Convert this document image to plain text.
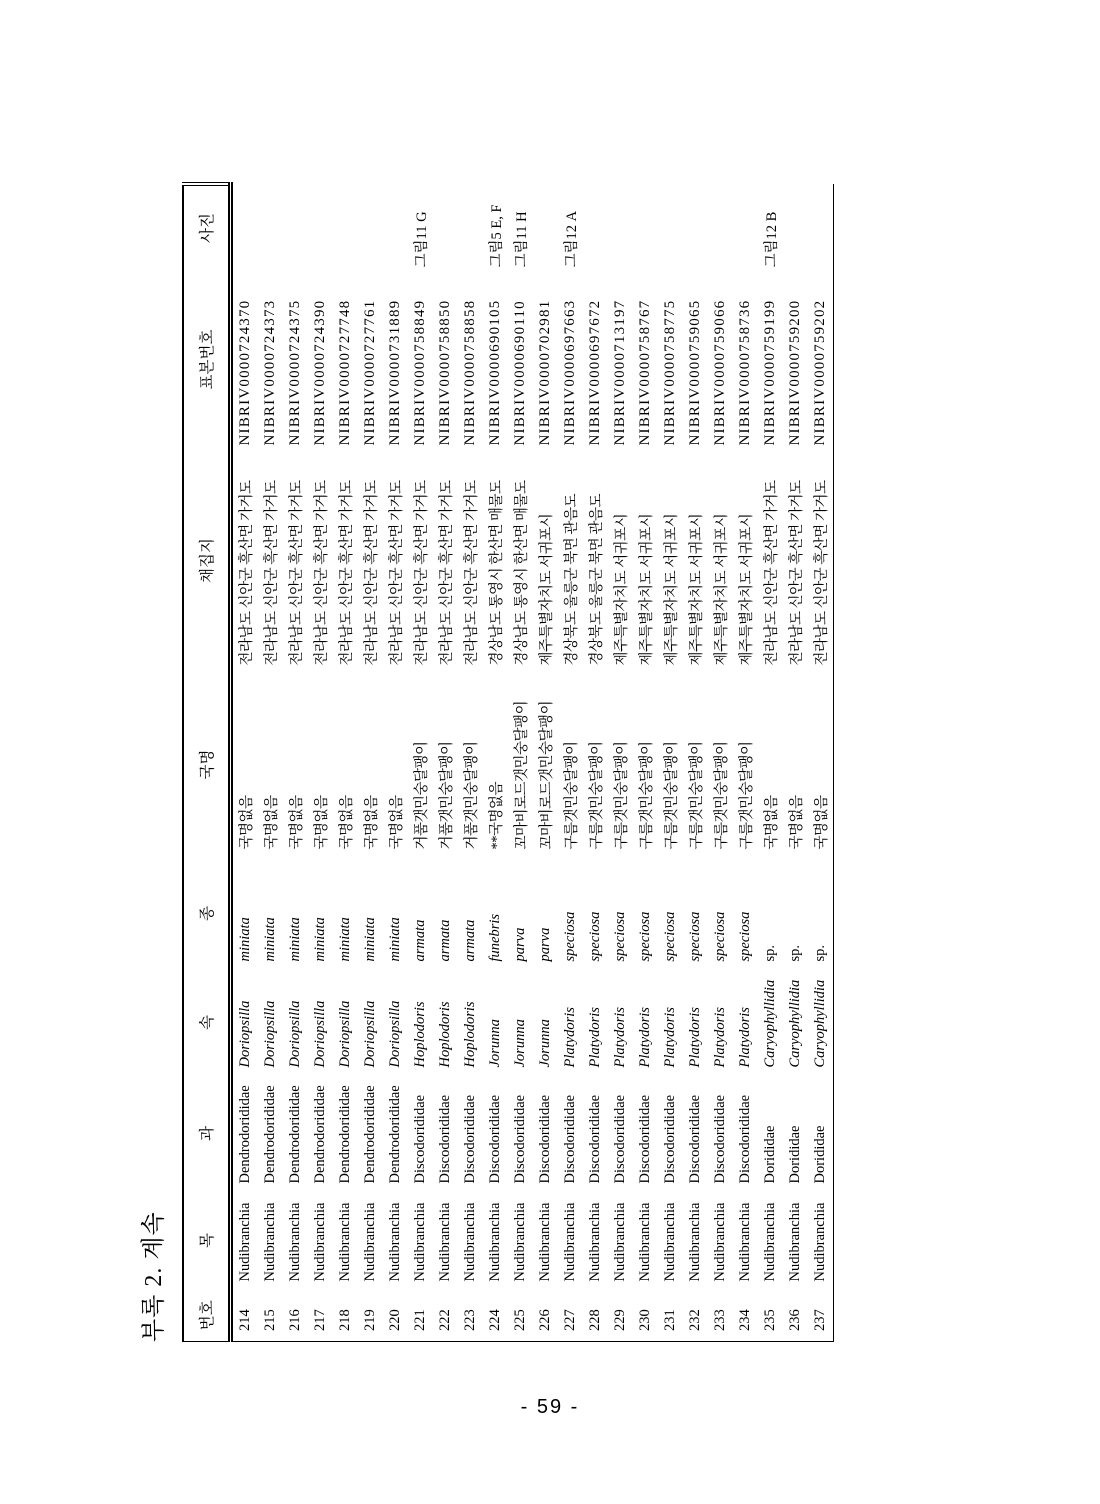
부록 2. 계속 번호	목	과	속	종	국명	채집지	표본번호	사진
214	Nudibranchia	Dendrodorididae	Doriopsilla	miniata	국명없음	전라남도 신안군 흑산면 가거도	NIBRIV0000724370	
215	Nudibranchia	Dendrodorididae	Doriopsilla	miniata	국명없음	전라남도 신안군 흑산면 가거도	NIBRIV0000724373	
216	Nudibranchia	Dendrodorididae	Doriopsilla	miniata	국명없음	전라남도 신안군 흑산면 가거도	NIBRIV0000724375	
217	Nudibranchia	Dendrodorididae	Doriopsilla	miniata	국명없음	전라남도 신안군 흑산면 가거도	NIBRIV0000724390	
218	Nudibranchia	Dendrodorididae	Doriopsilla	miniata	국명없음	전라남도 신안군 흑산면 가거도	NIBRIV0000727748	
219	Nudibranchia	Dendrodorididae	Doriopsilla	miniata	국명없음	전라남도 신안군 흑산면 가거도	NIBRIV0000727761	
220	Nudibranchia	Dendrodorididae	Doriopsilla	miniata	국명없음	전라남도 신안군 흑산면 가거도	NIBRIV0000731889	
221	Nudibranchia	Discodorididae	Hoplodoris	armata	거품갯민숭달팽이	전라남도 신안군 흑산면 가거도	NIBRIV0000758849	그림11 G
222	Nudibranchia	Discodorididae	Hoplodoris	armata	거품갯민숭달팽이	전라남도 신안군 흑산면 가거도	NIBRIV0000758850	
223	Nudibranchia	Discodorididae	Hoplodoris	armata	거품갯민숭달팽이	전라남도 신안군 흑산면 가거도	NIBRIV0000758858	
224	Nudibranchia	Discodorididae	Jorunna	funebris	**국명없음	경상남도 통영시 한산면 매물도	NIBRIV0000690105	그림5 E, F
225	Nudibranchia	Discodorididae	Jorunna	parva	꼬마비로드갯민숭달팽이	경상남도 통영시 한산면 매물도	NIBRIV0000690110	그림11 H
226	Nudibranchia	Discodorididae	Jorunna	parva	꼬마비로드갯민숭달팽이	제주특별자치도 서귀포시	NIBRIV0000702981	
227	Nudibranchia	Discodorididae	Platydoris	speciosa	구름갯민숭달팽이	경상북도 울릉군 북면 관음도	NIBRIV0000697663	그림12 A
228	Nudibranchia	Discodorididae	Platydoris	speciosa	구름갯민숭달팽이	경상북도 울릉군 북면 관음도	NIBRIV0000697672	
229	Nudibranchia	Discodorididae	Platydoris	speciosa	구름갯민숭달팽이	제주특별자치도 서귀포시	NIBRIV0000713197	
230	Nudibranchia	Discodorididae	Platydoris	speciosa	구름갯민숭달팽이	제주특별자치도 서귀포시	NIBRIV0000758767	
231	Nudibranchia	Discodorididae	Platydoris	speciosa	구름갯민숭달팽이	제주특별자치도 서귀포시	NIBRIV0000758775	
232	Nudibranchia	Discodorididae	Platydoris	speciosa	구름갯민숭달팽이	제주특별자치도 서귀포시	NIBRIV0000759065	
233	Nudibranchia	Discodorididae	Platydoris	speciosa	구름갯민숭달팽이	제주특별자치도 서귀포시	NIBRIV0000759066	
234	Nudibranchia	Discodorididae	Platydoris	speciosa	구름갯민숭달팽이	제주특별자치도 서귀포시	NIBRIV0000758736	
235	Nudibranchia	Dorididae	Caryophyllidia	sp.	국명없음	전라남도 신안군 흑산면 가거도	NIBRIV0000759199	그림12 B
236	Nudibranchia	Dorididae	Caryophyllidia	sp.	국명없음	전라남도 신안군 흑산면 가거도	NIBRIV0000759200	
237	Nudibranchia	Dorididae	Caryophyllidia	sp.	국명없음	전라남도 신안군 흑산면 가거도	NIBRIV0000759202	
- 59 -
